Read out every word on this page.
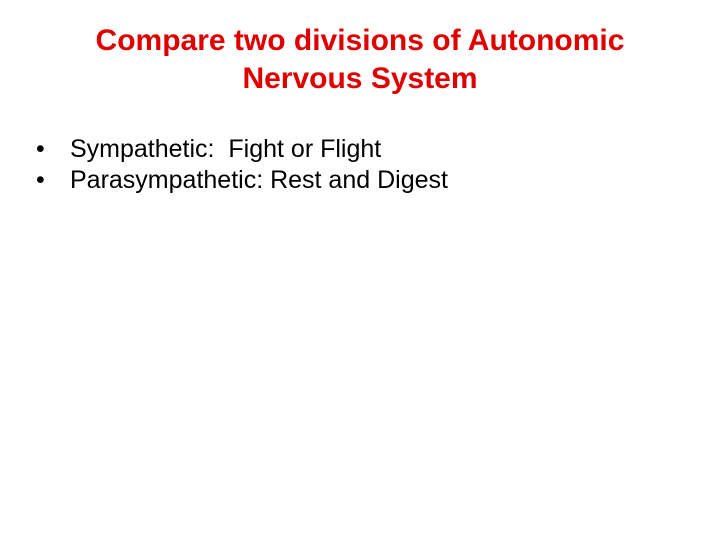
Compare two divisions of Autonomic
Nervous System
•	Sympathetic:  Fight or Flight
•	Parasympathetic: Rest and Digest
